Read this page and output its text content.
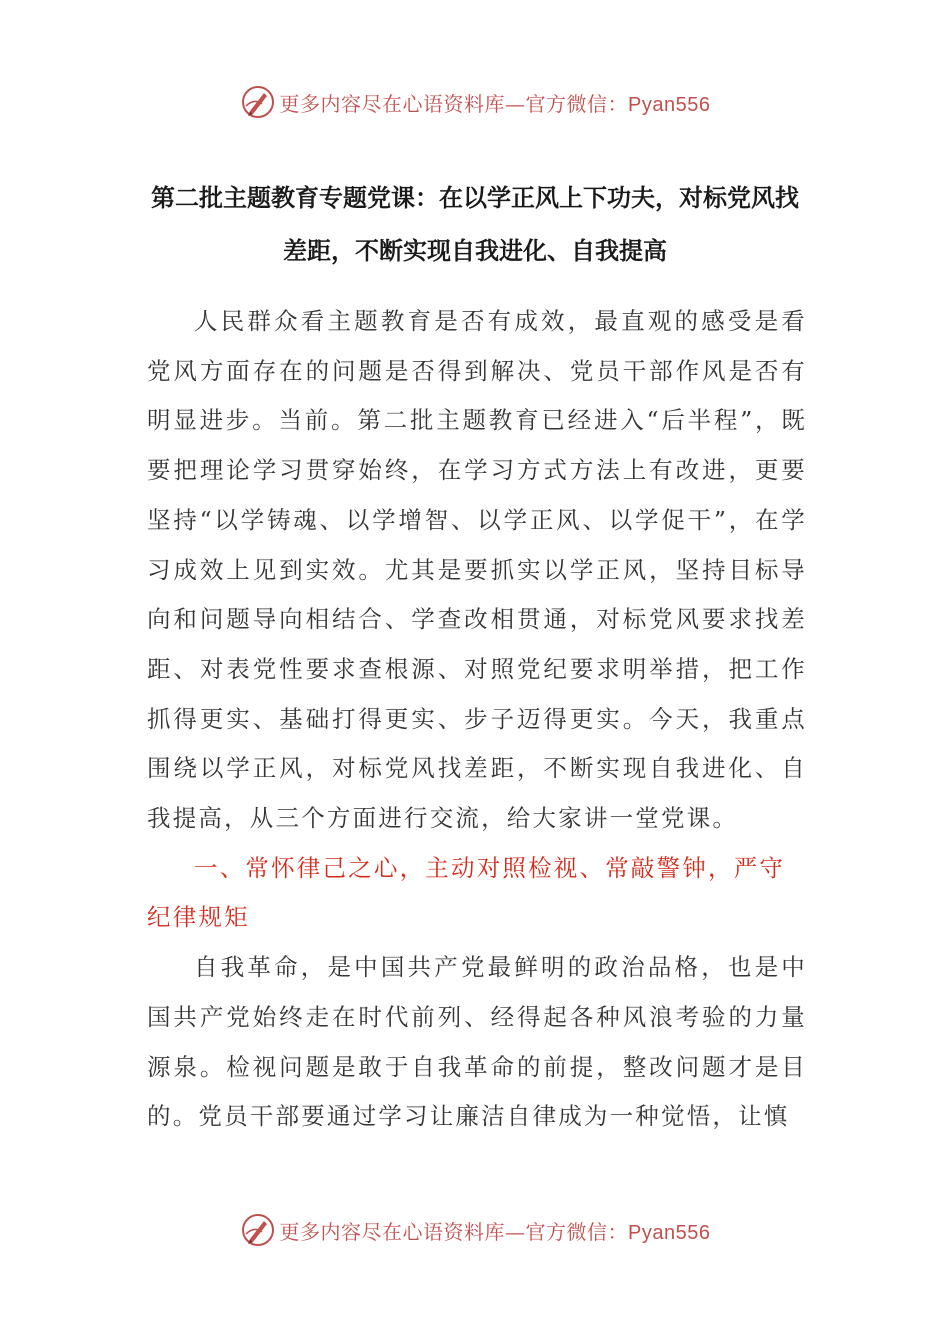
更多内容尽在心语资料库—官方微信：Pyan556
第二批主题教育专题党课：在以学正风上下功夫，对标党风找差距，不断实现自我进化、自我提高

人民群众看主题教育是否有成效，最直观的感受是看党风方面存在的问题是否得到解决、党员干部作风是否有明显进步。当前。第二批主题教育已经进入“后半程”，既要把理论学习贯穿始终，在学习方式方法上有改进，更要坚持“以学铸魂、以学增智、以学正风、以学促干”，在学习成效上见到实效。尤其是要抓实以学正风，坚持目标导向和问题导向相结合、学查改相贯通，对标党风要求找差距、对表党性要求查根源、对照党纪要求明举措，把工作抓得更实、基础打得更实、步子迈得更实。今天，我重点围绕以学正风，对标党风找差距，不断实现自我进化、自我提高，从三个方面进行交流，给大家讲一堂党课。

一、常怀律己之心，主动对照检视、常敲警钟，严守纪律规矩

自我革命，是中国共产党最鲜明的政治品格，也是中国共产党始终走在时代前列、经得起各种风浪考验的力量源泉。检视问题是敢于自我革命的前提，整改问题才是目的。党员干部要通过学习让廉洁自律成为一种觉悟，让慎

更多内容尽在心语资料库—官方微信：Pyan556
